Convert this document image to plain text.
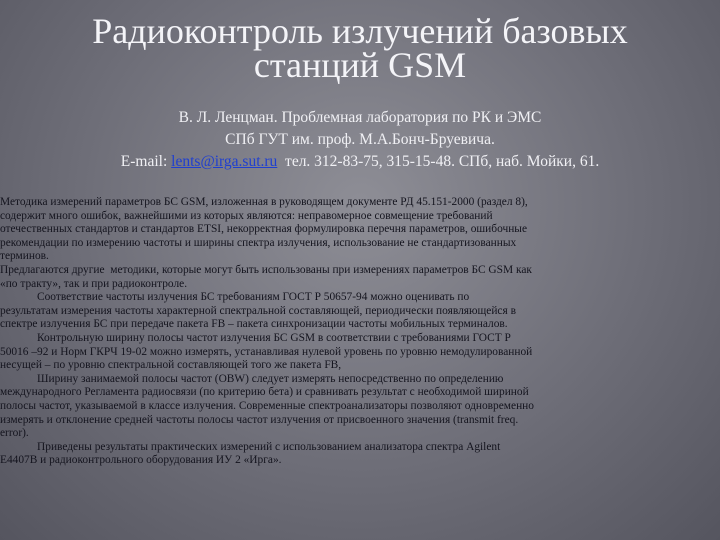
Радиоконтроль излучений базовых
станций GSM
В. Л. Ленцман. Проблемная лаборатория по РК и ЭМС
СПб ГУТ им. проф. М.А.Бонч-Бруевича.
E-mail: lents@irga.sut.ru  тел. 312-83-75, 315-15-48. СПб, наб. Мойки, 61.
Методика измерений параметров БС GSM, изложенная в руководящем документе РД 45.151-2000 (раздел 8),
содержит много ошибок, важнейшими из которых являются: неправомерное совмещение требований
отечественных стандартов и стандартов ETSI, некорректная формулировка перечня параметров, ошибочные
рекомендации по измерению частоты и ширины спектра излучения, использование не стандартизованных
терминов.
Предлагаются другие  методики, которые могут быть использованы при измерениях параметров БС GSM как
«по тракту», так и при радиоконтроле.
Соответствие частоты излучения БС требованиям ГОСТ Р 50657-94 можно оценивать по
результатам измерения частоты характерной спектральной составляющей, периодически появляющейся в
спектре излучения БС при передаче пакета FB – пакета синхронизации частоты мобильных терминалов.
Контрольную ширину полосы частот излучения БС GSM в соответствии с требованиями ГОСТ Р
50016 –92 и Норм ГКРЧ 19-02 можно измерять, устанавливая нулевой уровень по уровню немодулированной
несущей – по уровню спектральной составляющей того же пакета FB,
Ширину занимаемой полосы частот (OBW) следует измерять непосредственно по определению
международного Регламента радиосвязи (по критерию бета) и сравнивать результат с необходимой шириной
полосы частот, указываемой в классе излучения. Современные спектроанализаторы позволяют одновременно
измерять и отклонение средней частоты полосы частот излучения от присвоенного значения (transmit freq.
error).
Приведены результаты практических измерений с использованием анализатора спектра Agilent
E4407B и радиоконтрольного оборудования ИУ 2 «Ирга».
